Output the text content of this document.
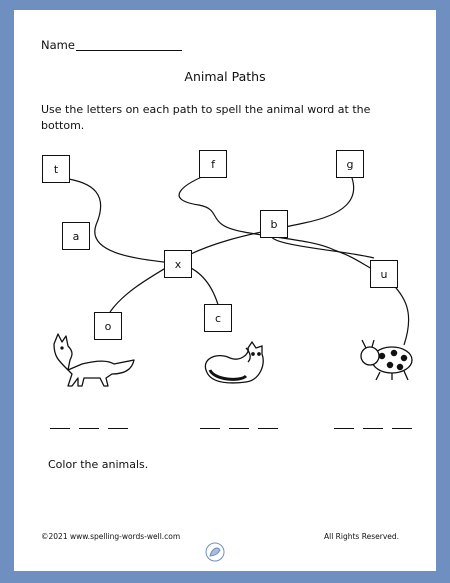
Name
Animal Paths
Use the letters on each path to spell the animal word at the bottom.
t	f	g
a
b
x
u
o
c
Color the animals.
©2021 www.spelling-words-well.com	All Rights Reserved.
